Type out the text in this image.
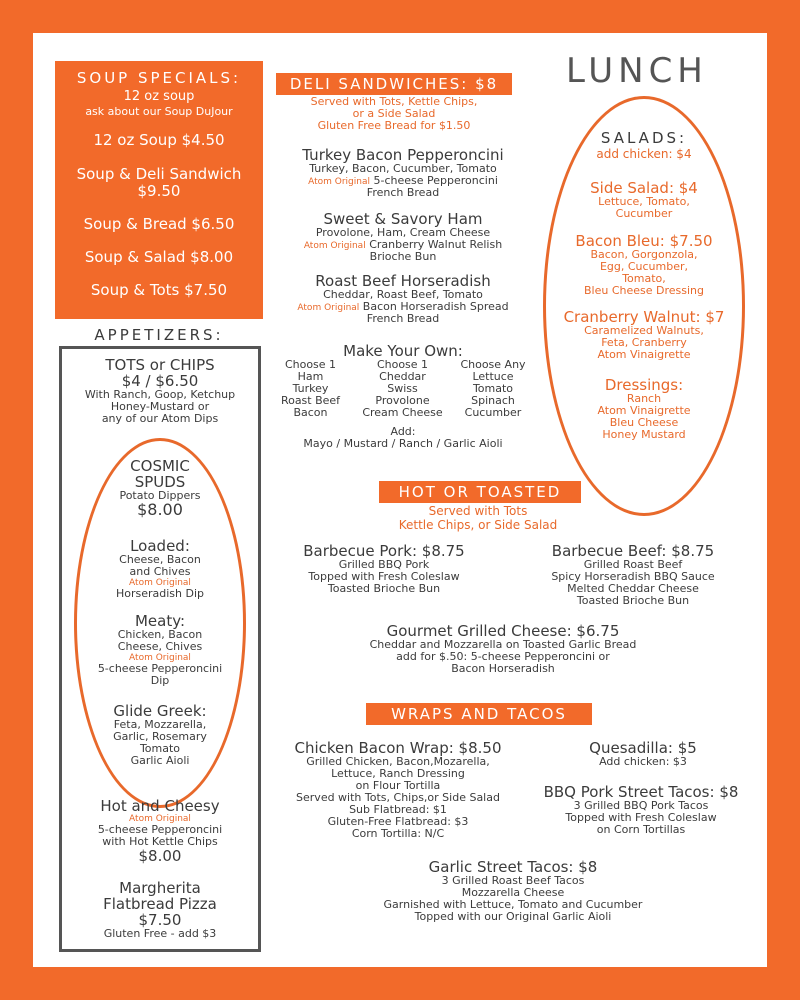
SOUP SPECIALS:
12 oz soup
ask about our Soup DuJour
12 oz Soup $4.50
Soup & Deli Sandwich
$9.50
Soup & Bread $6.50
Soup & Salad $8.00
Soup & Tots $7.50
APPETIZERS:
TOTS or CHIPS
$4 / $6.50
With Ranch, Goop, Ketchup
Honey-Mustard or
any of our Atom Dips
COSMIC
SPUDS
Potato Dippers
$8.00
Loaded:
Cheese, Bacon
and Chives
Atom Original
Horseradish Dip
Meaty:
Chicken, Bacon
Cheese, Chives
Atom Original
5-cheese Pepperoncini
Dip
Glide Greek:
Feta, Mozzarella,
Garlic, Rosemary
Tomato
Garlic Aioli
Hot and Cheesy
Atom Original
5-cheese Pepperoncini
with Hot Kettle Chips
$8.00
Margherita
Flatbread Pizza
$7.50
Gluten Free - add $3
LUNCH
DELI SANDWICHES: $8
Served with Tots, Kettle Chips,
or a Side Salad
Gluten Free Bread for $1.50
Turkey Bacon Pepperoncini
Turkey, Bacon, Cucumber, Tomato
Atom Original 5-cheese Pepperoncini
French Bread
Sweet & Savory Ham
Provolone, Ham, Cream Cheese
Atom Original Cranberry Walnut Relish
Brioche Bun
Roast Beef Horseradish
Cheddar, Roast Beef, Tomato
Atom Original Bacon Horseradish Spread
French Bread
Make Your Own:
Choose 1
Ham
Turkey
Roast Beef
Bacon
Choose 1
Cheddar
Swiss
Provolone
Cream Cheese
Choose Any
Lettuce
Tomato
Spinach
Cucumber
Add:
Mayo / Mustard / Ranch / Garlic Aioli
SALADS:
add chicken: $4
Side Salad: $4
Lettuce, Tomato,
Cucumber
Bacon Bleu: $7.50
Bacon, Gorgonzola,
Egg, Cucumber,
Tomato,
Bleu Cheese Dressing
Cranberry Walnut: $7
Caramelized Walnuts,
Feta, Cranberry
Atom Vinaigrette
Dressings:
Ranch
Atom Vinaigrette
Bleu Cheese
Honey Mustard
HOT OR TOASTED
Served with Tots
Kettle Chips, or Side Salad
Barbecue Pork: $8.75
Grilled BBQ Pork
Topped with Fresh Coleslaw
Toasted Brioche Bun
Barbecue Beef: $8.75
Grilled Roast Beef
Spicy Horseradish BBQ Sauce
Melted Cheddar Cheese
Toasted Brioche Bun
Gourmet Grilled Cheese: $6.75
Cheddar and Mozzarella on Toasted Garlic Bread
add for $.50: 5-cheese Pepperoncini or
Bacon Horseradish
WRAPS AND TACOS
Chicken Bacon Wrap: $8.50
Grilled Chicken, Bacon,Mozarella,
Lettuce, Ranch Dressing
on Flour Tortilla
Served with Tots, Chips,or Side Salad
Sub Flatbread: $1
Gluten-Free Flatbread: $3
Corn Tortilla: N/C
Quesadilla: $5
Add chicken: $3
BBQ Pork Street Tacos: $8
3 Grilled BBQ Pork Tacos
Topped with Fresh Coleslaw
on Corn Tortillas
Garlic Street Tacos: $8
3 Grilled Roast Beef Tacos
Mozzarella Cheese
Garnished with Lettuce, Tomato and Cucumber
Topped with our Original Garlic Aioli
